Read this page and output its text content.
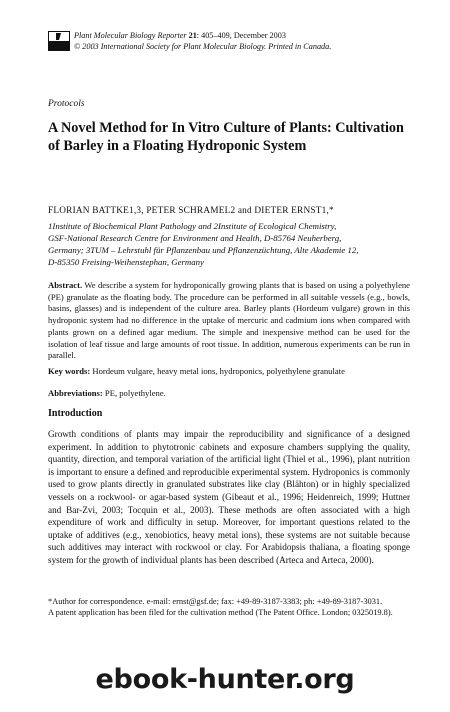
Plant Molecular Biology Reporter 21: 405–409, December 2003
© 2003 International Society for Plant Molecular Biology. Printed in Canada.
Protocols
A Novel Method for In Vitro Culture of Plants: Cultivation of Barley in a Floating Hydroponic System
FLORIAN BATTKE1,3, PETER SCHRAMEL2 and DIETER ERNST1,*
1Institute of Biochemical Plant Pathology and 2Institute of Ecological Chemistry,
GSF-National Research Centre for Environment and Health, D-85764 Neuherberg,
Germany; 3TUM – Lehrstuhl für Pflanzenbau und Pflanzenzüchtung, Alte Akademie 12,
D-85350 Freising-Weihenstephan, Germany

Abstract. We describe a system for hydroponically growing plants that is based on using a polyethylene (PE) granulate as the floating body. The procedure can be performed in all suitable vessels (e.g., bowls, basins, glasses) and is independent of the culture area. Barley plants (Hordeum vulgare) grown in this hydroponic system had no difference in the uptake of mercuric and cadmium ions when compared with plants grown on a defined agar medium. The simple and inexpensive method can be used for the isolation of leaf tissue and large amounts of root tissue. In addition, numerous experiments can be run in parallel.

Key words: Hordeum vulgare, heavy metal ions, hydroponics, polyethylene granulate
Abbreviations: PE, polyethylene.
Introduction

Growth conditions of plants may impair the reproducibility and significance of a designed experiment. In addition to phytotronic cabinets and exposure chambers supplying the quality, quantity, direction, and temporal variation of the artificial light (Thiel et al., 1996), plant nutrition is important to ensure a defined and reproducible experimental system. Hydroponics is commonly used to grow plants directly in granulated substrates like clay (Blähton) or in highly specialized vessels on a rockwool- or agar-based system (Gibeaut et al., 1996; Heidenreich, 1999; Huttner and Bar-Zvi, 2003; Tocquin et al., 2003). These methods are often associated with a high expenditure of work and difficulty in setup. Moreover, for important questions related to the uptake of additives (e.g., xenobiotics, heavy metal ions), these systems are not suitable because such additives may interact with rockwool or clay. For Arabidopsis thaliana, a floating sponge system for the growth of individual plants has been described (Arteca and Arteca, 2000).

*Author for correspondence. e-mail: ernst@gsf.de; fax: +49-89-3187-3383; ph: +49-89-3187-3031.

A patent application has been filed for the cultivation method (The Patent Office. London; 0325019.8).

ebook-hunter.org
